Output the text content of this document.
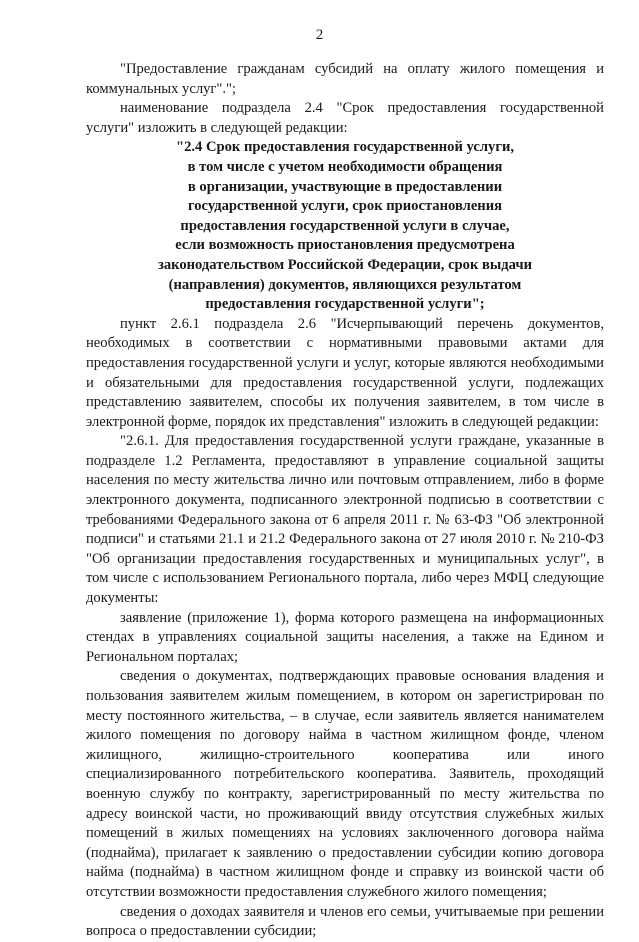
2

"Предоставление гражданам субсидий на оплату жилого помещения и коммунальных услуг".";

наименование подраздела 2.4 "Срок предоставления государственной услуги" изложить в следующей редакции:

"2.4 Срок предоставления государственной услуги,
в том числе с учетом необходимости обращения
в организации, участвующие в предоставлении
государственной услуги, срок приостановления
предоставления государственной услуги в случае,
если возможность приостановления предусмотрена
законодательством Российской Федерации, срок выдачи
(направления) документов, являющихся результатом
предоставления государственной услуги";

пункт 2.6.1 подраздела 2.6 "Исчерпывающий перечень документов, необходимых в соответствии с нормативными правовыми актами для предоставления государственной услуги и услуг, которые являются необходимыми и обязательными для предоставления государственной услуги, подлежащих представлению заявителем, способы их получения заявителем, в том числе в электронной форме, порядок их представления" изложить в следующей редакции:

"2.6.1. Для предоставления государственной услуги граждане, указанные в подразделе 1.2 Регламента, предоставляют в управление социальной защиты населения по месту жительства лично или почтовым отправлением, либо в форме электронного документа, подписанного электронной подписью в соответствии с требованиями Федерального закона от 6 апреля 2011 г. № 63-ФЗ "Об электронной подписи" и статьями 21.1 и 21.2 Федерального закона от 27 июля 2010 г. № 210-ФЗ "Об организации предоставления государственных и муниципальных услуг", в том числе с использованием Регионального портала, либо через МФЦ следующие документы:

заявление (приложение 1), форма которого размещена на информационных стендах в управлениях социальной защиты населения, а также на Едином и Региональном порталах;

сведения о документах, подтверждающих правовые основания владения и пользования заявителем жилым помещением, в котором он зарегистрирован по месту постоянного жительства, – в случае, если заявитель является нанимателем жилого помещения по договору найма в частном жилищном фонде, членом жилищного, жилищно-строительного кооператива или иного специализированного потребительского кооператива. Заявитель, проходящий военную службу по контракту, зарегистрированный по месту жительства по адресу воинской части, но проживающий ввиду отсутствия служебных жилых помещений в жилых помещениях на условиях заключенного договора найма (поднайма), прилагает к заявлению о предоставлении субсидии копию договора найма (поднайма) в частном жилищном фонде и справку из воинской части об отсутствии возможности предоставления служебного жилого помещения;

сведения о доходах заявителя и членов его семьи, учитываемые при решении вопроса о предоставлении субсидии;
